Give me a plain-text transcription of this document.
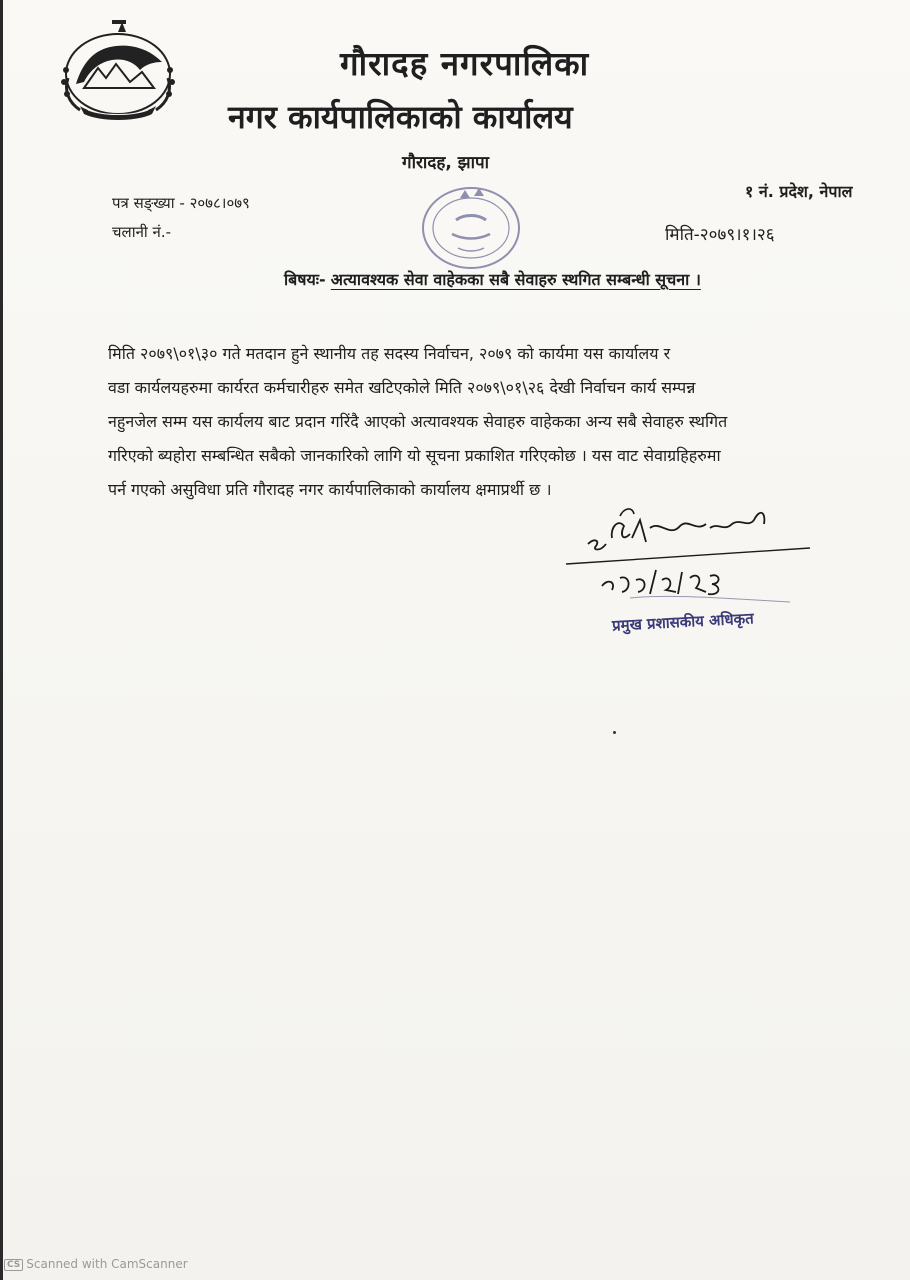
गौरादह नगरपालिका
नगर कार्यपालिकाको कार्यालय
गौरादह, झापा
१ नं. प्रदेश, नेपाल
पत्र सङ्ख्या - २०७८।०७९
चलानी नं.-	मिति-२०७९।१।२६
बिषयः- अत्यावश्यक सेवा वाहेकका सबै सेवाहरु स्थगित सम्बन्धी सूचना ।
मिति २०७९\०१\३० गते मतदान हुने स्थानीय तह सदस्य निर्वाचन, २०७९ को कार्यमा यस कार्यालय र
वडा कार्यलयहरुमा कार्यरत कर्मचारीहरु समेत खटिएकोले मिति २०७९\०१\२६ देखी निर्वाचन कार्य सम्पन्न
नहुनजेल सम्म यस कार्यलय बाट प्रदान गरिंदै आएको अत्यावश्यक सेवाहरु वाहेकका अन्य सबै सेवाहरु स्थगित
गरिएको ब्यहोरा सम्बन्धित सबैको जानकारिको लागि यो सूचना प्रकाशित गरिएकोछ । यस वाट सेवाग्रहिहरुमा
पर्न गएको असुविधा प्रति गौरादह नगर कार्यपालिकाको कार्यालय क्षमाप्रर्थी छ ।
प्रमुख प्रशासकीय अधिकृत
CS Scanned with CamScanner
